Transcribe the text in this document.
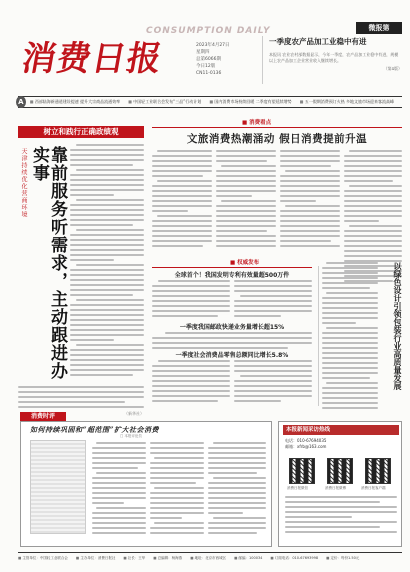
CONSUMPTION DAILY
消费日报	2023年4月27日
星期四
总第6066期
今日12版
CN11-0136
微报第
一季度农产品加工业稳中有进
本报讯 农业农村部数据显示，今年一季度，农产品加工业稳中有进，规模以上农产品加工企业营业收入继续增长。
（第4版）
A	■ 西部陆海新通道建设提速 提升大宗商品流通效率	■ 中国轻工业联合会发布“三品”行动计划	■ 国内消费市场持续回暖 二季度有望延续增势	■ 五一假期消费预订火热 多地文旅市场迎来客流高峰
树立和践行正确政绩观
天津持续优化营商环境	靠前服务听需求，主动跟进办实事
（新华社）
■ 消费看点
文旅消费热潮涌动 假日消费提前升温
■ 权威发布
全球首个！我国发明专利有效量超500万件
一季度我国邮政快递业务量增长超15%
一季度社会消费品零售总额同比增长5.8%	以绿色设计引领包装行业高质量发展
消费时评
如何持续巩固和“超范围”扩大社会消费
□ 本报评论员
本报新闻采访热线
电话：010-67694035
邮箱：xfrb@163.com
消费日报微信	消费日报微博	消费日报客户端
■ 主管单位：中国轻工业联合会	■ 主办单位：消费日报社	■ 社长：王华	■ 总编辑：杨海燕	■ 地址：北京市西城区	■ 邮编：100034	■ 订阅电话：010-67693998	■ 定价：每份1.50元
